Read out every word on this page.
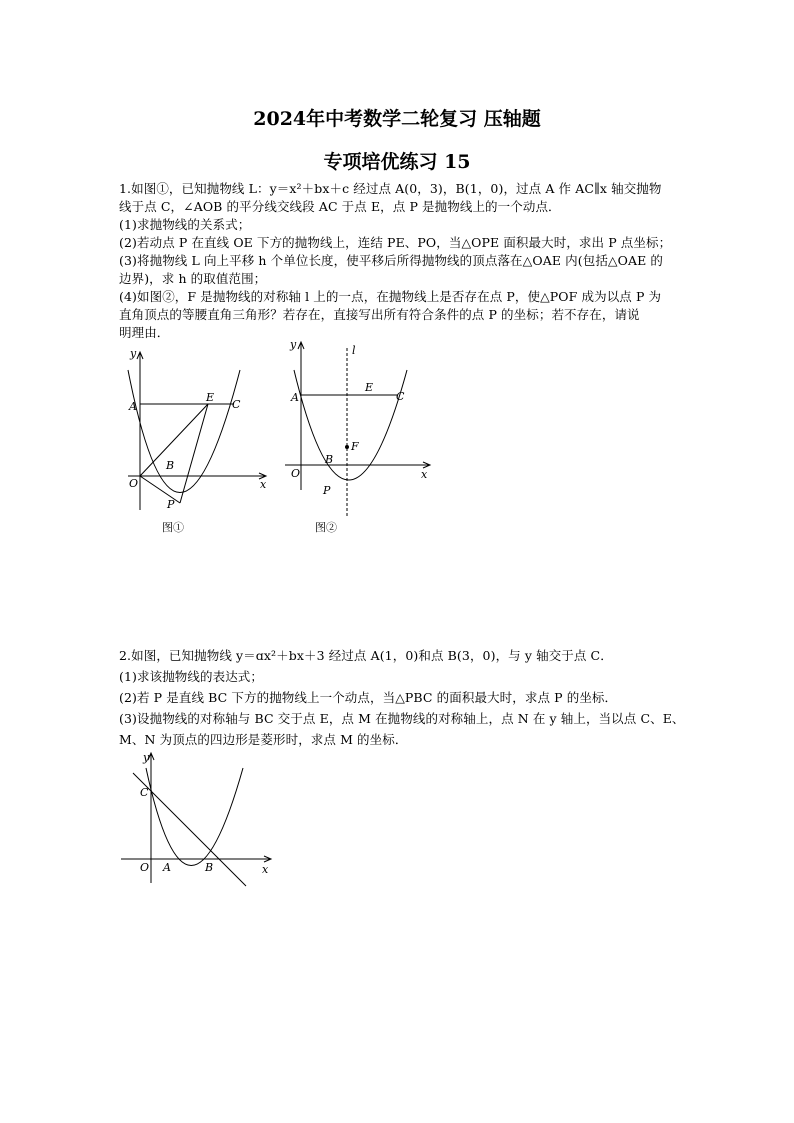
2024年中考数学二轮复习 压轴题
专项培优练习 15
1.如图①，已知抛物线 L：y＝x²＋bx＋c 经过点 A(0，3)，B(1，0)，过点 A 作 AC∥x 轴交抛物
线于点 C，∠AOB 的平分线交线段 AC 于点 E，点 P 是抛物线上的一个动点．
(1)求抛物线的关系式；
(2)若动点 P 在直线 OE 下方的抛物线上，连结 PE、PO，当△OPE 面积最大时，求出 P 点坐标；
(3)将抛物线 L 向上平移 h 个单位长度，使平移后所得抛物线的顶点落在△OAE 内(包括△OAE 的
边界)，求 h 的取值范围；
(4)如图②，F 是抛物线的对称轴 l 上的一点，在抛物线上是否存在点 P，使△POF 成为以点 P 为
直角顶点的等腰直角三角形？若存在，直接写出所有符合条件的点 P 的坐标；若不存在，请说
明理由．
y
x
O
A
E
C
B
P
图①
y
x
O
A
E
C
B
P
F
l
图②
2.如图，已知抛物线 y＝ɑx²＋bx＋3 经过点 A(1，0)和点 B(3，0)，与 y 轴交于点 C．
(1)求该抛物线的表达式；
(2)若 P 是直线 BC 下方的抛物线上一个动点，当△PBC 的面积最大时，求点 P 的坐标．
(3)设抛物线的对称轴与 BC 交于点 E，点 M 在抛物线的对称轴上，点 N 在 y 轴上，当以点 C、E、
M、N 为顶点的四边形是菱形时，求点 M 的坐标．
y
x
O A	B
C
